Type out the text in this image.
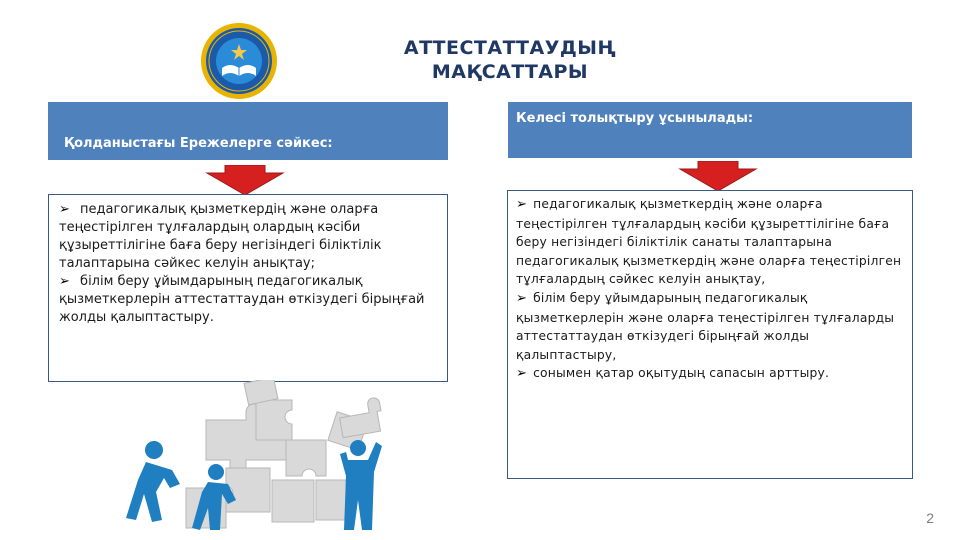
АТТЕСТАТТАУДЫҢ
МАҚСАТТАРЫ
Қолданыстағы Ережелерге сәйкес:
Келесі толықтыру ұсынылады:

➢ педагогикалық қызметкердің және оларға теңестірілген тұлғалардың олардың кәсіби құзыреттілігіне баға беру негізіндегі біліктілік талаптарына сәйкес келуін анықтау;

➢ білім беру ұйымдарының педагогикалық қызметкерлерін аттестаттаудан өткізудегі бірыңғай жолды қалыптастыру.

➢ педагогикалық қызметкердің және оларға теңестірілген тұлғалардың кәсіби құзыреттілігіне баға беру негізіндегі біліктілік санаты талаптарына педагогикалық қызметкердің және оларға теңестірілген тұлғалардың сәйкес келуін анықтау,

➢ білім беру ұйымдарының педагогикалық қызметкерлерін және оларға теңестірілген тұлғаларды аттестаттаудан өткізудегі бірыңғай жолды қалыптастыру,

➢ сонымен қатар оқытудың сапасын арттыру.

2
